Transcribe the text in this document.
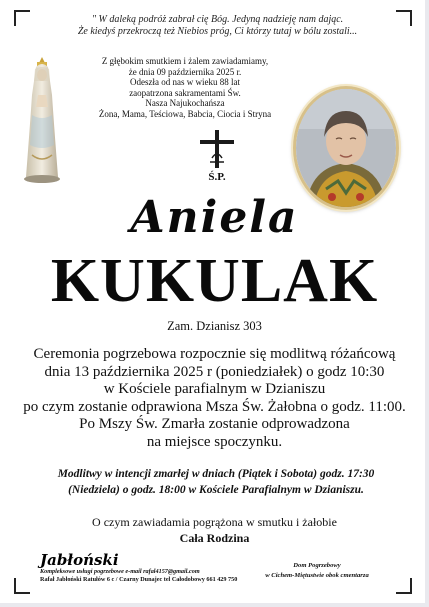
" W daleką podróż zabrał cię Bóg. Jedyną nadzieję nam dając.
Że kiedyś przekroczą też Niebios próg, Ci którzy tutaj w bólu zostali...
Z głębokim smutkiem i żalem zawiadamiamy,
że dnia 09 października 2025 r.
Odeszła od nas w wieku 88 lat
zaopatrzona sakramentami Św.
Nasza Najukochańsza
Żona, Mama, Teściowa, Babcia, Ciocia i Stryna
Ś.P.
Aniela
KUKULAK
Zam. Dzianisz 303
Ceremonia pogrzebowa rozpocznie się modlitwą różańcową
dnia 13 października 2025 r (poniedziałek) o godz 10:30
w Kościele parafialnym w Dzianiszu
po czym zostanie odprawiona Msza Św. Żałobna o godz. 11:00.
Po Mszy Św. Zmarła zostanie odprowadzona
na miejsce spoczynku.
Modlitwy w intencji zmarłej w dniach (Piątek i Sobota) godz. 17:30
(Niedziela) o godz. 18:00 w Kościele Parafialnym w Dzianiszu.
O czym zawiadamia pogrążona w smutku i żałobie
Cała Rodzina
Jabłoński
Kompleksowe usługi pogrzebowe e-mail rafal4157@gmail.com
Rafał Jabłoński Ratułów 6 c / Czarny Dunajec tel Całodobowy 661 429 750
Dom Pogrzebowy
w Cichem-Miętustwie obok cmentarza
